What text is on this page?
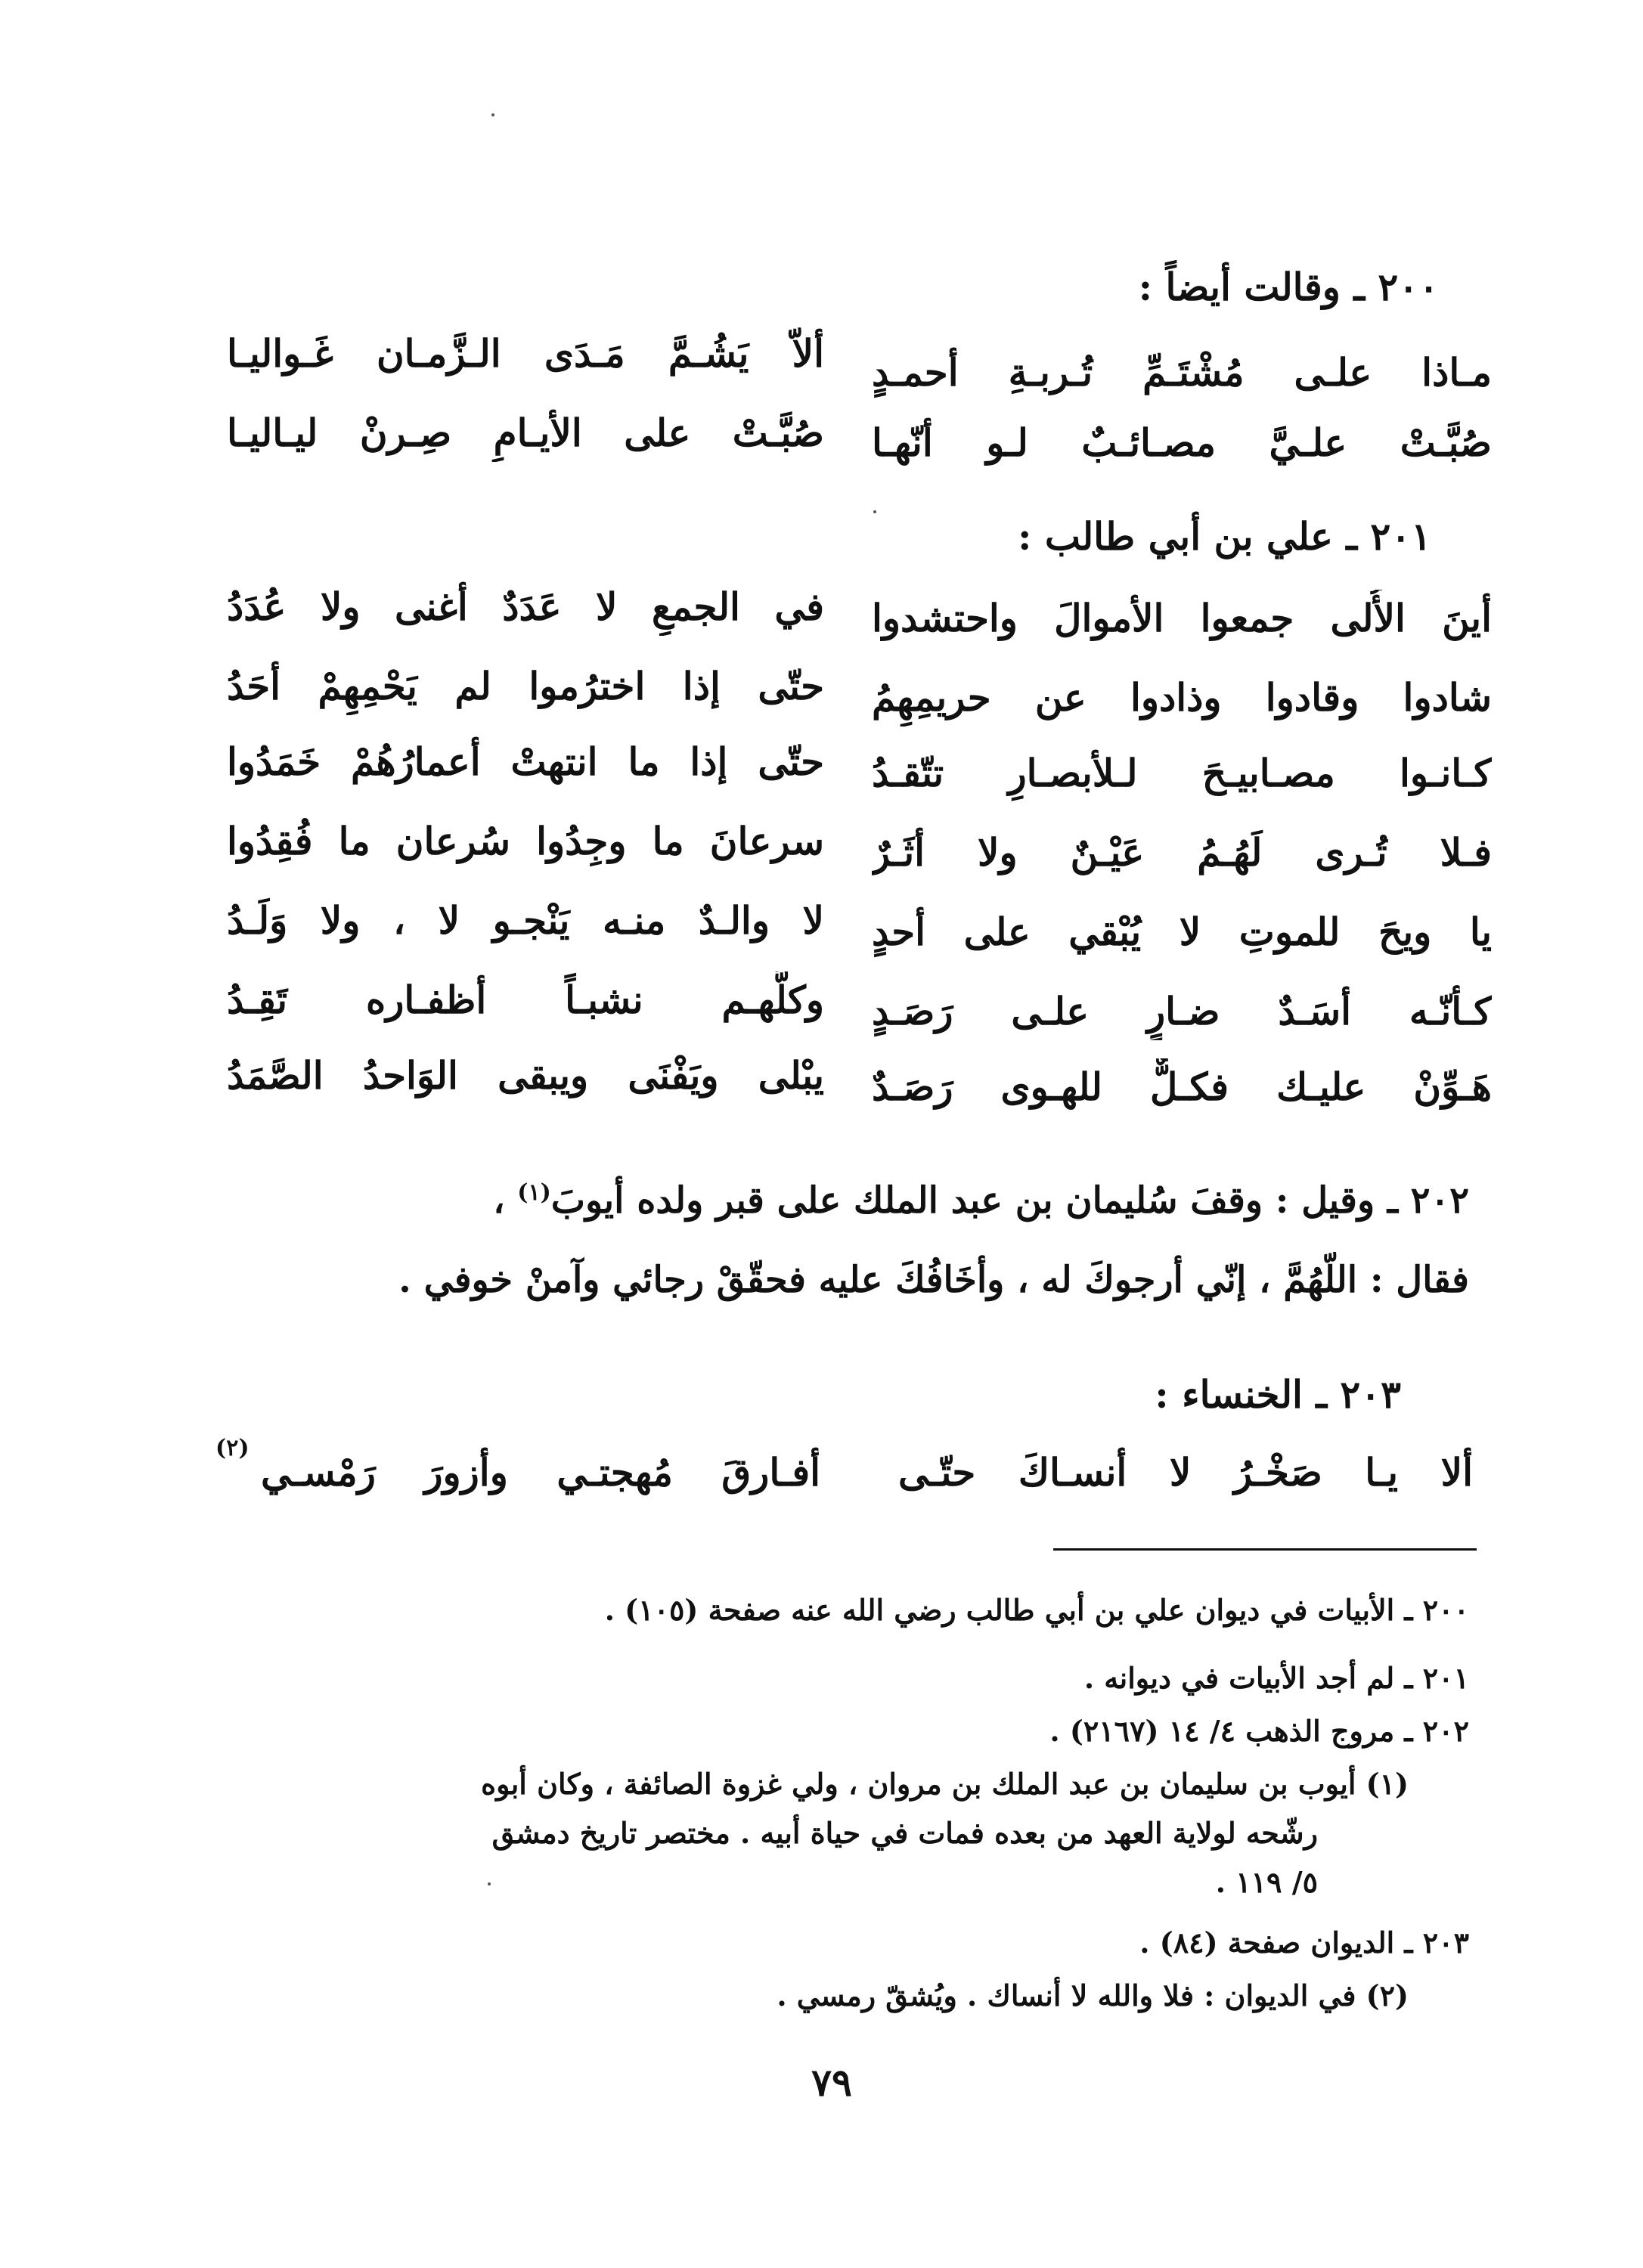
٢٠٠ ـ وقالت أيضاً :
مـاذا علـى مُشْتَـمِّ تُـربـةِ أحمـدٍ
ألاّ يَشُـمَّ مَـدَى الـزَّمـان غَـواليـا
صُبَّـتْ علـيَّ مصـائـبٌ لـو أنّهـا
صُبَّـتْ على الأيـامِ صِـرنْ ليـاليـا
٢٠١ ـ علي بن أبي طالب :
أينَ الأُلى جمعوا الأموالَ واحتشدوا
في الجمعِ لا عَدَدٌ أغنى ولا عُدَدُ
شادوا وقادوا وذادوا عن حريمِهِمُ
حتّى إذا اخترُموا لم يَحْمِهِمْ أحَدُ
كـانـوا مصـابيـحَ لـلأبصـارِ تتّقـدُ
حتّى إذا ما انتهتْ أعمارُهُمْ خَمَدُوا
فـلا تُـرى لَهُـمُ عَيْـنٌ ولا أثَـرٌ
سرعانَ ما وجِدُوا سُرعان ما فُقِدُوا
يا ويحَ للموتِ لا يُبْقي على أحدٍ
لا والـدٌ منـه يَنْجـو لا ، ولا وَلَـدُ
كـأنّـه أسَـدٌ ضـارٍ علـى رَصَـدٍ
وكلُّهـم نشبـاً أظفـاره تَقِـدُ
هَـوِّنْ عليـك فكـلٌّ للهـوى رَصَـدٌ
يبْلى ويَفْنَى ويبقى الوَاحدُ الصَّمَدُ
٢٠٢ ـ وقيل : وقفَ سُليمان بن عبد الملك على قبر ولده أيوبَ$^{(١)}$ ،
فقال : اللّهُمَّ ، إنّي أرجوكَ له ، وأخَافُكَ عليه فحقّقْ رجائي وآمنْ خوفي .
٢٠٣ ـ الخنساء :
ألا يـا صَخْـرُ لا أنسـاكَ حتّـى
أفـارقَ مُهجتـي وأزورَ رَمْسـي
(٢)
٢٠٠ ـ الأبيات في ديوان علي بن أبي طالب رضي الله عنه صفحة (١٠٥) .
٢٠١ ـ لم أجد الأبيات في ديوانه .
٢٠٢ ـ مروج الذهب ٤/ ١٤ (٢١٦٧) .
(١) أيوب بن سليمان بن عبد الملك بن مروان ، ولي غزوة الصائفة ، وكان أبوه
رشّحه لولاية العهد من بعده فمات في حياة أبيه . مختصر تاريخ دمشق
٥/ ١١٩ .
٢٠٣ ـ الديوان صفحة (٨٤) .
(٢) في الديوان : فلا والله لا أنساك . ويُشقّ رمسي .
٧٩
